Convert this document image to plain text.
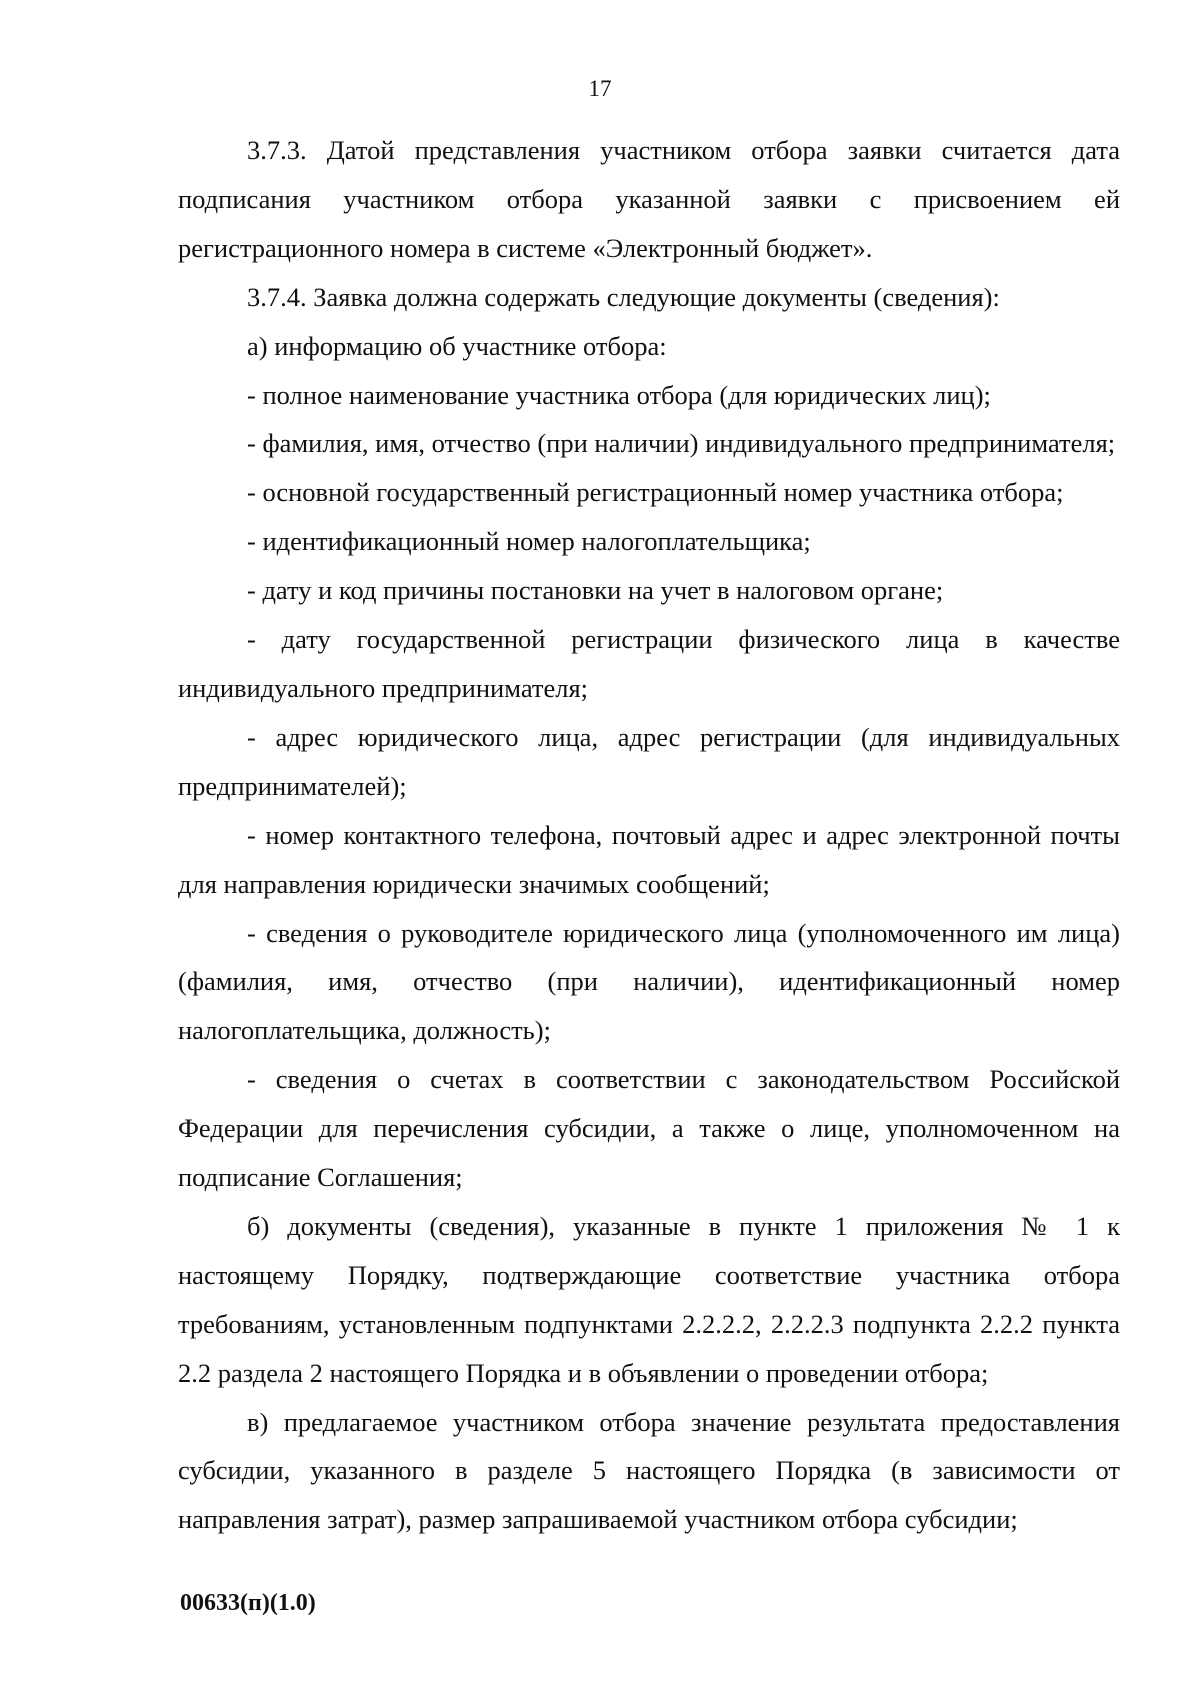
17

3.7.3. Датой представления участником отбора заявки считается дата подписания участником отбора указанной заявки с присвоением ей регистрационного номера в системе «Электронный бюджет».

3.7.4. Заявка должна содержать следующие документы (сведения):

а) информацию об участнике отбора:

- полное наименование участника отбора (для юридических лиц);

- фамилия, имя, отчество (при наличии) индивидуального предпринимателя;

- основной государственный регистрационный номер участника отбора;

- идентификационный номер налогоплательщика;

- дату и код причины постановки на учет в налоговом органе;

- дату государственной регистрации физического лица в качестве индивидуального предпринимателя;

- адрес юридического лица, адрес регистрации (для индивидуальных предпринимателей);

- номер контактного телефона, почтовый адрес и адрес электронной почты для направления юридически значимых сообщений;

- сведения о руководителе юридического лица (уполномоченного им лица) (фамилия, имя, отчество (при наличии), идентификационный номер налогоплательщика, должность);

- сведения о счетах в соответствии с законодательством Российской Федерации для перечисления субсидии, а также о лице, уполномоченном на подписание Соглашения;

б) документы (сведения), указанные в пункте 1 приложения № 1 к настоящему Порядку, подтверждающие соответствие участника отбора требованиям, установленным подпунктами 2.2.2.2, 2.2.2.3 подпункта 2.2.2 пункта 2.2 раздела 2 настоящего Порядка и в объявлении о проведении отбора;

в) предлагаемое участником отбора значение результата предоставления субсидии, указанного в разделе 5 настоящего Порядка (в зависимости от направления затрат), размер запрашиваемой участником отбора субсидии;

00633(п)(1.0)
